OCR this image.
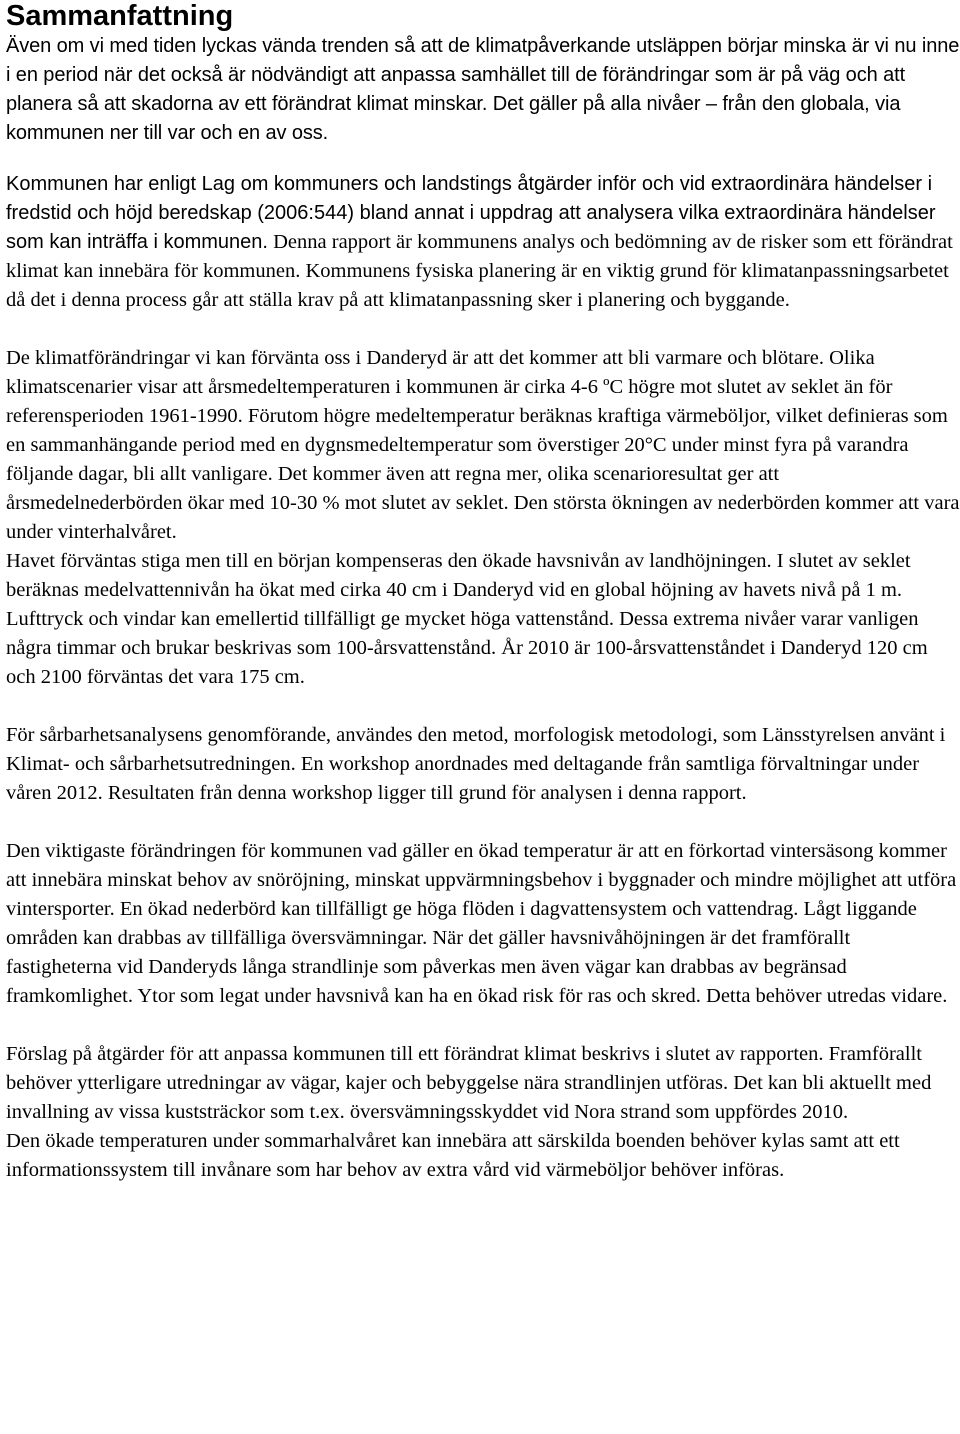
Sammanfattning

Även om vi med tiden lyckas vända trenden så att de klimatpåverkande utsläppen börjar minska är vi nu inne i en period när det också är nödvändigt att anpassa samhället till de förändringar som är på väg och att planera så att skadorna av ett förändrat klimat minskar. Det gäller på alla nivåer – från den globala, via kommunen ner till var och en av oss.

Kommunen har enligt Lag om kommuners och landstings åtgärder inför och vid extraordinära händelser i fredstid och höjd beredskap (2006:544) bland annat i uppdrag att analysera vilka extraordinära händelser som kan inträffa i kommunen. Denna rapport är kommunens analys och bedömning av de risker som ett förändrat klimat kan innebära för kommunen. Kommunens fysiska planering är en viktig grund för klimatanpassningsarbetet då det i denna process går att ställa krav på att klimatanpassning sker i planering och byggande.

De klimatförändringar vi kan förvänta oss i Danderyd är att det kommer att bli varmare och blötare. Olika klimatscenarier visar att årsmedeltemperaturen i kommunen är cirka 4-6 ºC högre mot slutet av seklet än för referensperioden 1961-1990. Förutom högre medeltemperatur beräknas kraftiga värmeböljor, vilket definieras som en sammanhängande period med en dygnsmedeltemperatur som överstiger 20°C under minst fyra på varandra följande dagar, bli allt vanligare. Det kommer även att regna mer, olika scenarioresultat ger att årsmedelnederbörden ökar med 10-30 % mot slutet av seklet. Den största ökningen av nederbörden kommer att vara under vinterhalvåret.

Havet förväntas stiga men till en början kompenseras den ökade havsnivån av landhöjningen. I slutet av seklet beräknas medelvattennivån ha ökat med cirka 40 cm i Danderyd vid en global höjning av havets nivå på 1 m. Lufttryck och vindar kan emellertid tillfälligt ge mycket höga vattenstånd. Dessa extrema nivåer varar vanligen några timmar och brukar beskrivas som 100-årsvattenstånd. År 2010 är 100-årsvattenståndet i Danderyd 120 cm och 2100 förväntas det vara 175 cm.

För sårbarhetsanalysens genomförande, användes den metod, morfologisk metodologi, som Länsstyrelsen använt i Klimat- och sårbarhetsutredningen. En workshop anordnades med deltagande från samtliga förvaltningar under våren 2012. Resultaten från denna workshop ligger till grund för analysen i denna rapport.

Den viktigaste förändringen för kommunen vad gäller en ökad temperatur är att en förkortad vintersäsong kommer att innebära minskat behov av snöröjning, minskat uppvärmningsbehov i byggnader och mindre möjlighet att utföra vintersporter. En ökad nederbörd kan tillfälligt ge höga flöden i dagvattensystem och vattendrag. Lågt liggande områden kan drabbas av tillfälliga översvämningar. När det gäller havsnivåhöjningen är det framförallt fastigheterna vid Danderyds långa strandlinje som påverkas men även vägar kan drabbas av begränsad framkomlighet. Ytor som legat under havsnivå kan ha en ökad risk för ras och skred. Detta behöver utredas vidare.

Förslag på åtgärder för att anpassa kommunen till ett förändrat klimat beskrivs i slutet av rapporten. Framförallt behöver ytterligare utredningar av vägar, kajer och bebyggelse nära strandlinjen utföras. Det kan bli aktuellt med invallning av vissa kuststräckor som t.ex. översvämningsskyddet vid Nora strand som uppfördes 2010.

Den ökade temperaturen under sommarhalvåret kan innebära att särskilda boenden behöver kylas samt att ett informationssystem till invånare som har behov av extra vård vid värmeböljor behöver införas.
